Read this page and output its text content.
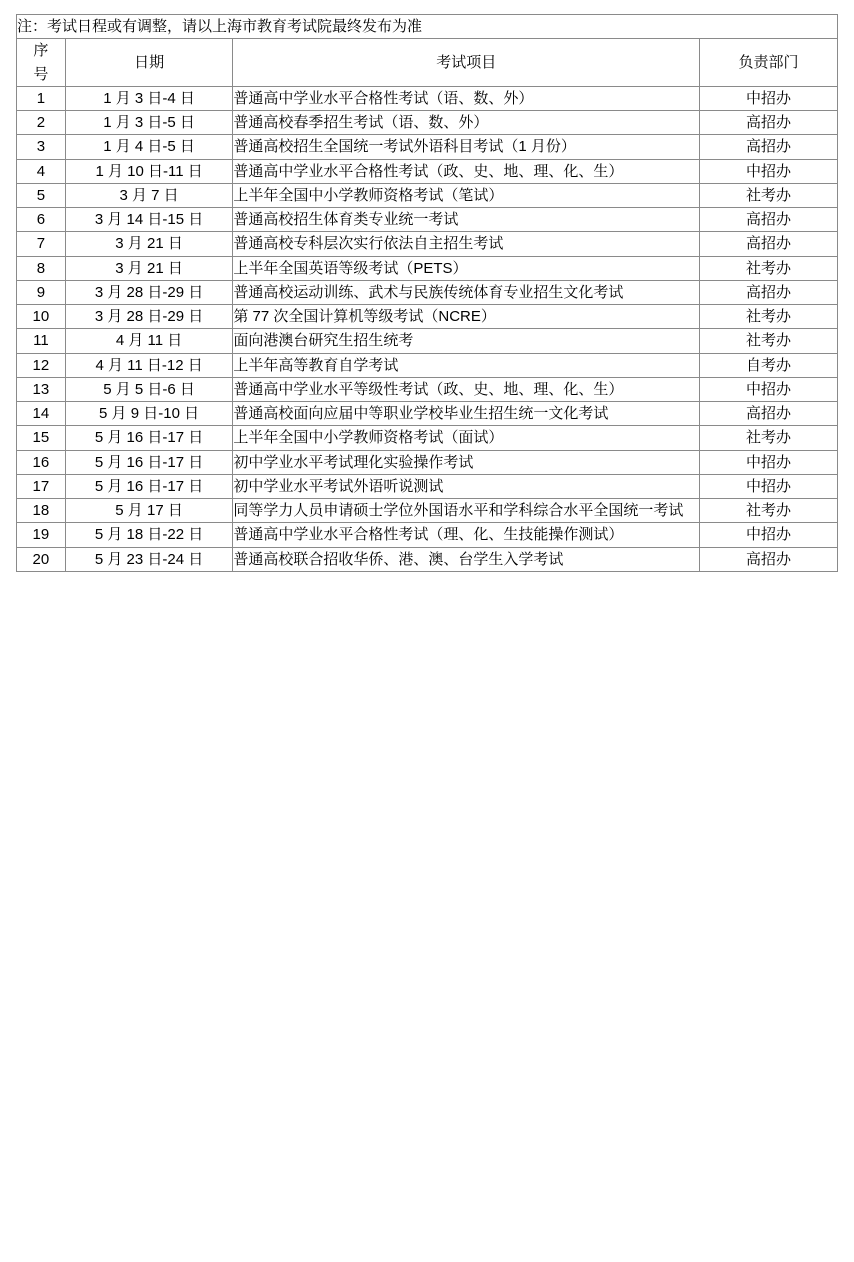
注：考试日程或有调整，请以上海市教育考试院最终发布为准			

序
号	日期	考试项目	负责部门
1	1 月 3 日-4 日	普通高中学业水平合格性考试（语、数、外）	中招办
2	1 月 3 日-5 日	普通高校春季招生考试（语、数、外）	高招办
3	1 月 4 日-5 日	普通高校招生全国统一考试外语科目考试（1 月份）	高招办
4	1 月 10 日-11 日	普通高中学业水平合格性考试（政、史、地、理、化、生）	中招办
5	3 月 7 日	上半年全国中小学教师资格考试（笔试）	社考办
6	3 月 14 日-15 日	普通高校招生体育类专业统一考试	高招办
7	3 月 21 日	普通高校专科层次实行依法自主招生考试	高招办
8	3 月 21 日	上半年全国英语等级考试（PETS）	社考办
9	3 月 28 日-29 日	普通高校运动训练、武术与民族传统体育专业招生文化考试	高招办
10	3 月 28 日-29 日	第 77 次全国计算机等级考试（NCRE）	社考办
11	4 月 11 日	面向港澳台研究生招生统考	社考办
12	4 月 11 日-12 日	上半年高等教育自学考试	自考办
13	5 月 5 日-6 日	普通高中学业水平等级性考试（政、史、地、理、化、生）	中招办
14	5 月 9 日-10 日	普通高校面向应届中等职业学校毕业生招生统一文化考试	高招办
15	5 月 16 日-17 日	上半年全国中小学教师资格考试（面试）	社考办
16	5 月 16 日-17 日	初中学业水平考试理化实验操作考试	中招办
17	5 月 16 日-17 日	初中学业水平考试外语听说测试	中招办
18	5 月 17 日	同等学力人员申请硕士学位外国语水平和学科综合水平全国统一考试	社考办
19	5 月 18 日-22 日	普通高中学业水平合格性考试（理、化、生技能操作测试）	中招办
20	5 月 23 日-24 日	普通高校联合招收华侨、港、澳、台学生入学考试	高招办
